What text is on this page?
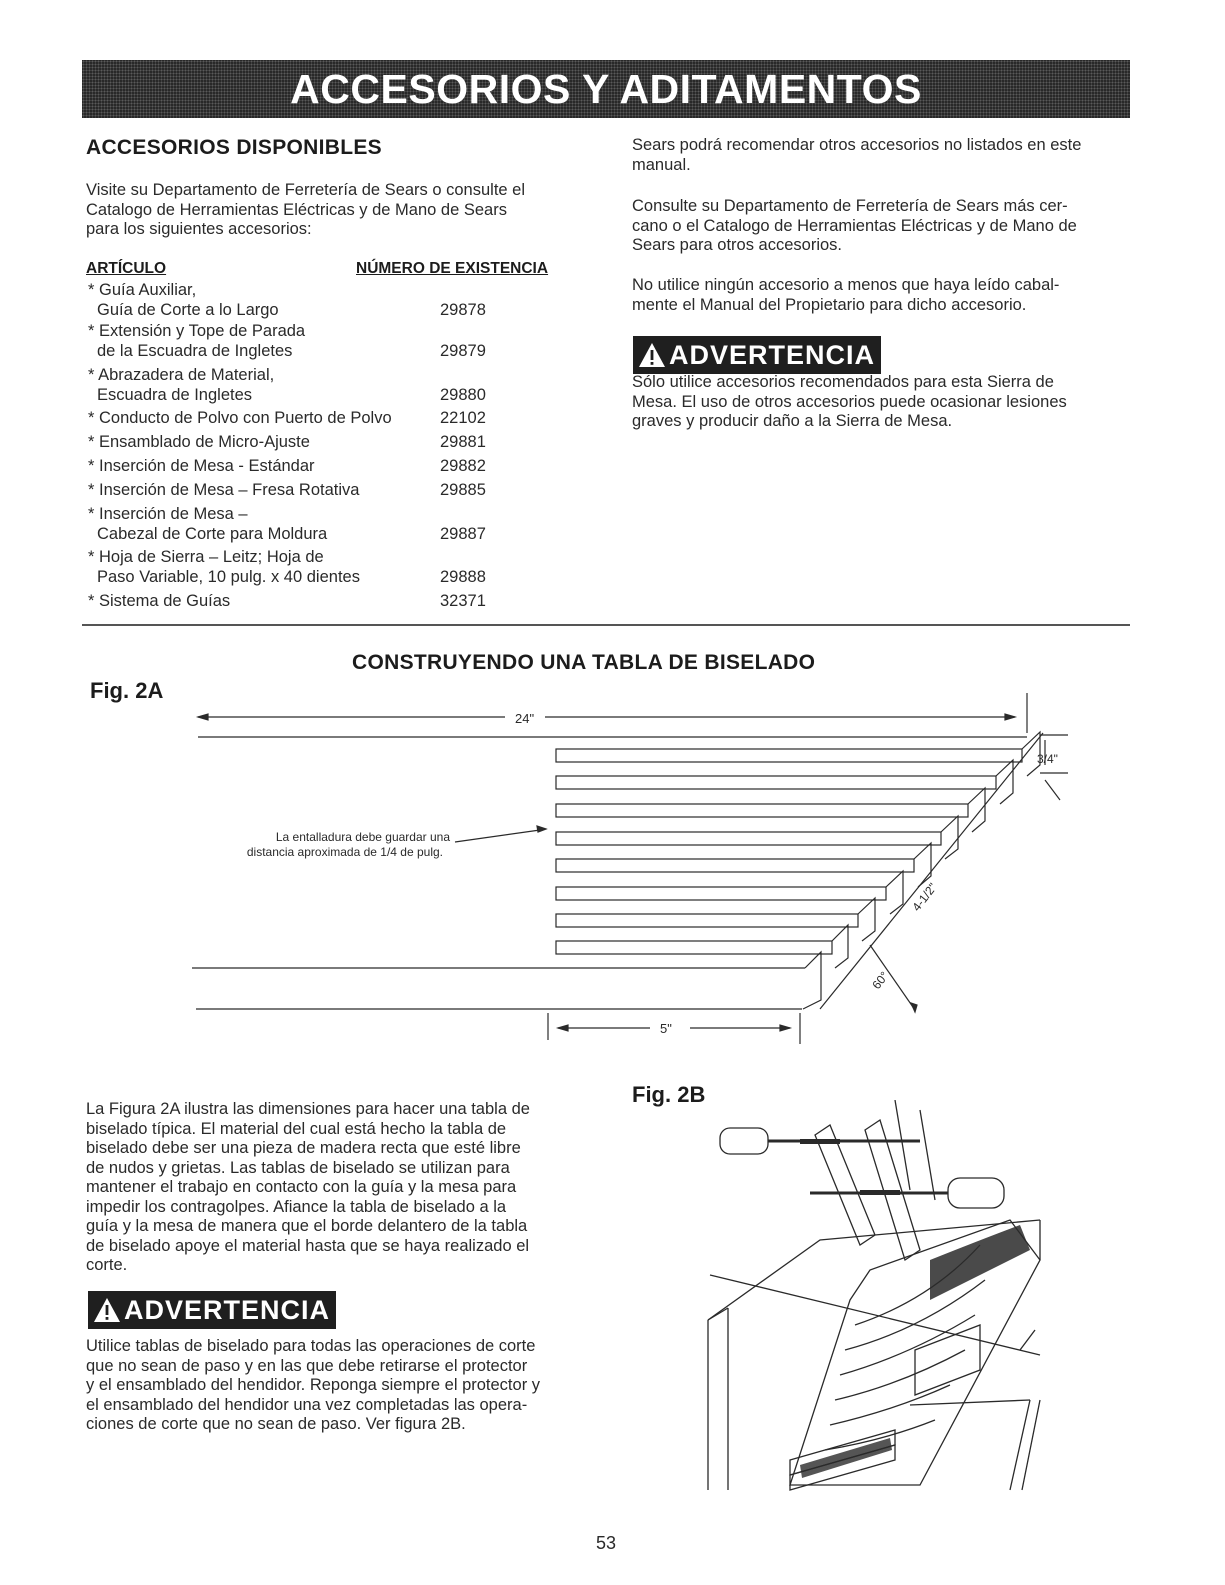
ACCESORIOS Y ADITAMENTOS
ACCESORIOS DISPONIBLES

Visite su Departamento de Ferretería de Sears o consulte el

Catalogo de Herramientas Eléctricas y de Mano de Sears

para los siguientes accesorios:

ARTÍCULO	NÚMERO DE EXISTENCIA
* Guía Auxiliar,
Guía de Corte a lo Largo	29878
* Extensión y Tope de Parada
de la Escuadra de Ingletes	29879
* Abrazadera de Material,
Escuadra de Ingletes	29880
* Conducto de Polvo con Puerto de Polvo	22102
* Ensamblado de Micro-Ajuste	29881
* Inserción de Mesa - Estándar	29882
* Inserción de Mesa – Fresa Rotativa	29885
* Inserción de Mesa –
Cabezal de Corte para Moldura	29887
* Hoja de Sierra – Leitz; Hoja de
Paso Variable, 10 pulg. x 40 dientes	29888
* Sistema de Guías	32371

Sears podrá recomendar otros accesorios no listados en este

manual.

Consulte su Departamento de Ferretería de Sears más cer-

cano o el Catalogo de Herramientas Eléctricas y de Mano de

Sears para otros accesorios.

No utilice ningún accesorio a menos que haya leído cabal-

mente el Manual del Propietario para dicho accesorio.

ADVERTENCIA

Sólo utilice accesorios recomendados para esta Sierra de

Mesa. El uso de otros accesorios puede ocasionar lesiones

graves y producir daño a la Sierra de Mesa.

CONSTRUYENDO UNA TABLA DE BISELADO
Fig. 2A
24"
3/4"
4-1/2"
60°
5"
La entalladura debe guardar una
distancia aproximada de 1/4 de pulg.

La Figura 2A ilustra las dimensiones para hacer una tabla de

biselado típica. El material del cual está hecho la tabla de

biselado debe ser una pieza de madera recta que esté libre

de nudos y grietas. Las tablas de biselado se utilizan para

mantener el trabajo en contacto con la guía y la mesa para

impedir los contragolpes. Afiance la tabla de biselado a la

guía y la mesa de manera que el borde delantero de la tabla

de biselado apoye el material hasta que se haya realizado el

corte.

ADVERTENCIA

Utilice tablas de biselado para todas las operaciones de corte

que no sean de paso y en las que debe retirarse el protector

y el ensamblado del hendidor. Reponga siempre el protector y

el ensamblado del hendidor una vez completadas las opera-

ciones de corte que no sean de paso. Ver figura 2B.

Fig. 2B
53
